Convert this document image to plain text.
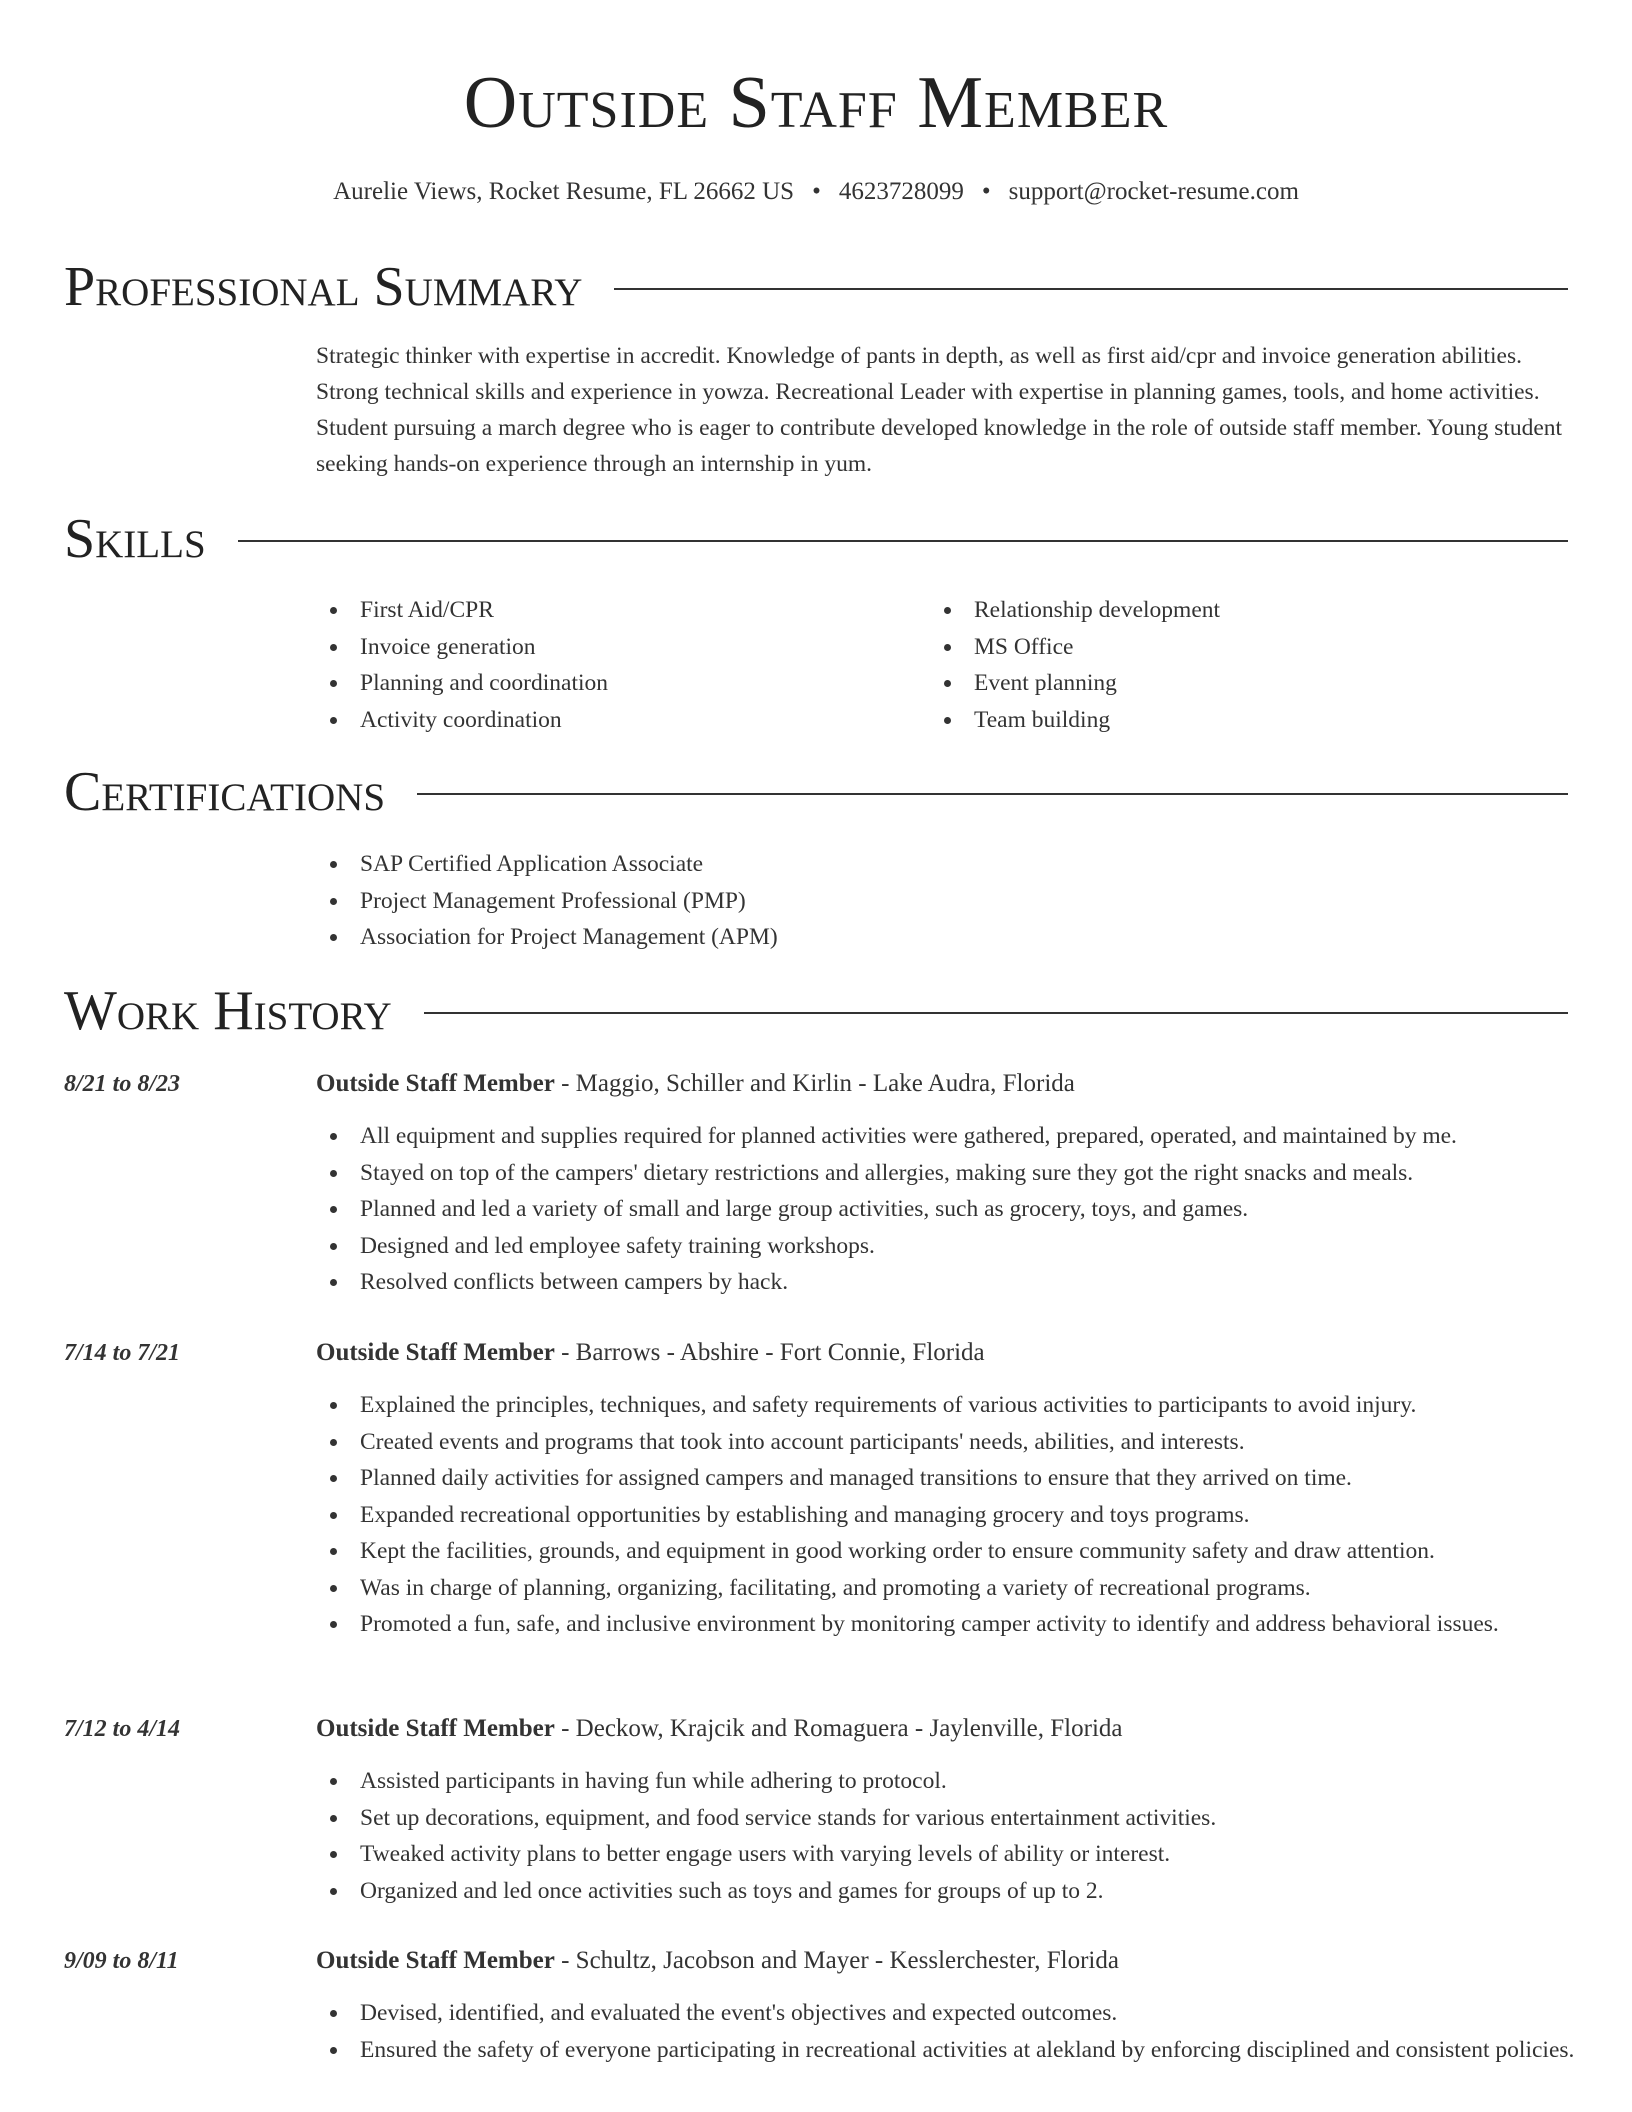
Outside Staff Member
Aurelie Views, Rocket Resume, FL 26662 US • 4623728099 • support@rocket-resume.com
Professional Summary

Strategic thinker with expertise in accredit. Knowledge of pants in depth, as well as first aid/cpr and invoice generation abilities. Strong technical skills and experience in yowza. Recreational Leader with expertise in planning games, tools, and home activities. Student pursuing a march degree who is eager to contribute developed knowledge in the role of outside staff member. Young student seeking hands-on experience through an internship in yum.

Skills
First Aid/CPR
Invoice generation
Planning and coordination
Activity coordination
Relationship development
MS Office
Event planning
Team building
Certifications
SAP Certified Application Associate
Project Management Professional (PMP)
Association for Project Management (APM)
Work History
8/21 to 8/23	Outside Staff Member - Maggio, Schiller and Kirlin - Lake Audra, Florida
All equipment and supplies required for planned activities were gathered, prepared, operated, and maintained by me.
Stayed on top of the campers' dietary restrictions and allergies, making sure they got the right snacks and meals.
Planned and led a variety of small and large group activities, such as grocery, toys, and games.
Designed and led employee safety training workshops.
Resolved conflicts between campers by hack.
7/14 to 7/21	Outside Staff Member - Barrows - Abshire - Fort Connie, Florida
Explained the principles, techniques, and safety requirements of various activities to participants to avoid injury.
Created events and programs that took into account participants' needs, abilities, and interests.
Planned daily activities for assigned campers and managed transitions to ensure that they arrived on time.
Expanded recreational opportunities by establishing and managing grocery and toys programs.
Kept the facilities, grounds, and equipment in good working order to ensure community safety and draw attention.
Was in charge of planning, organizing, facilitating, and promoting a variety of recreational programs.
Promoted a fun, safe, and inclusive environment by monitoring camper activity to identify and address behavioral issues.
7/12 to 4/14	Outside Staff Member - Deckow, Krajcik and Romaguera - Jaylenville, Florida
Assisted participants in having fun while adhering to protocol.
Set up decorations, equipment, and food service stands for various entertainment activities.
Tweaked activity plans to better engage users with varying levels of ability or interest.
Organized and led once activities such as toys and games for groups of up to 2.
9/09 to 8/11	Outside Staff Member - Schultz, Jacobson and Mayer - Kesslerchester, Florida
Devised, identified, and evaluated the event's objectives and expected outcomes.
Ensured the safety of everyone participating in recreational activities at alekland by enforcing disciplined and consistent policies.
